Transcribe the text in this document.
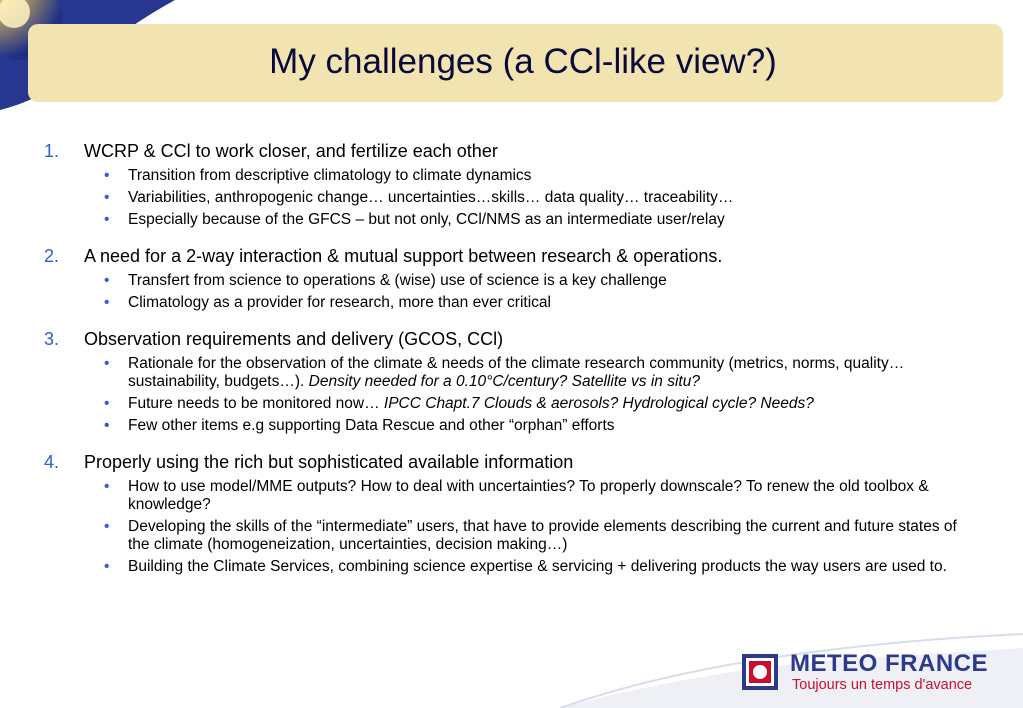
My challenges (a CCl-like view?)
1. WCRP & CCl to work closer, and fertilize each other
• Transition from descriptive climatology to climate dynamics
• Variabilities, anthropogenic change… uncertainties…skills… data quality… traceability…
• Especially because of the GFCS – but not only, CCl/NMS as an intermediate user/relay
2. A need for a 2-way interaction & mutual support between research & operations.
• Transfert from science to operations & (wise) use of science is a key challenge
• Climatology as a provider for research, more than ever critical
3. Observation requirements and delivery (GCOS, CCl)
• Rationale for the observation of the climate & needs of the climate research community (metrics, norms, quality… sustainability, budgets…). Density needed for a 0.10°C/century? Satellite vs in situ?
• Future needs to be monitored now… IPCC Chapt.7 Clouds & aerosols? Hydrological cycle? Needs?
• Few other items e.g supporting Data Rescue and other “orphan” efforts
4. Properly using the rich but sophisticated available information
• How to use model/MME outputs? How to deal with uncertainties? To properly downscale? To renew the old toolbox & knowledge?
• Developing the skills of the “intermediate” users, that have to provide elements describing the current and future states of the climate (homogeneization, uncertainties, decision making…)
• Building the Climate Services, combining science expertise & servicing + delivering products the way users are used to.
METEO FRANCE
Toujours un temps d'avance
